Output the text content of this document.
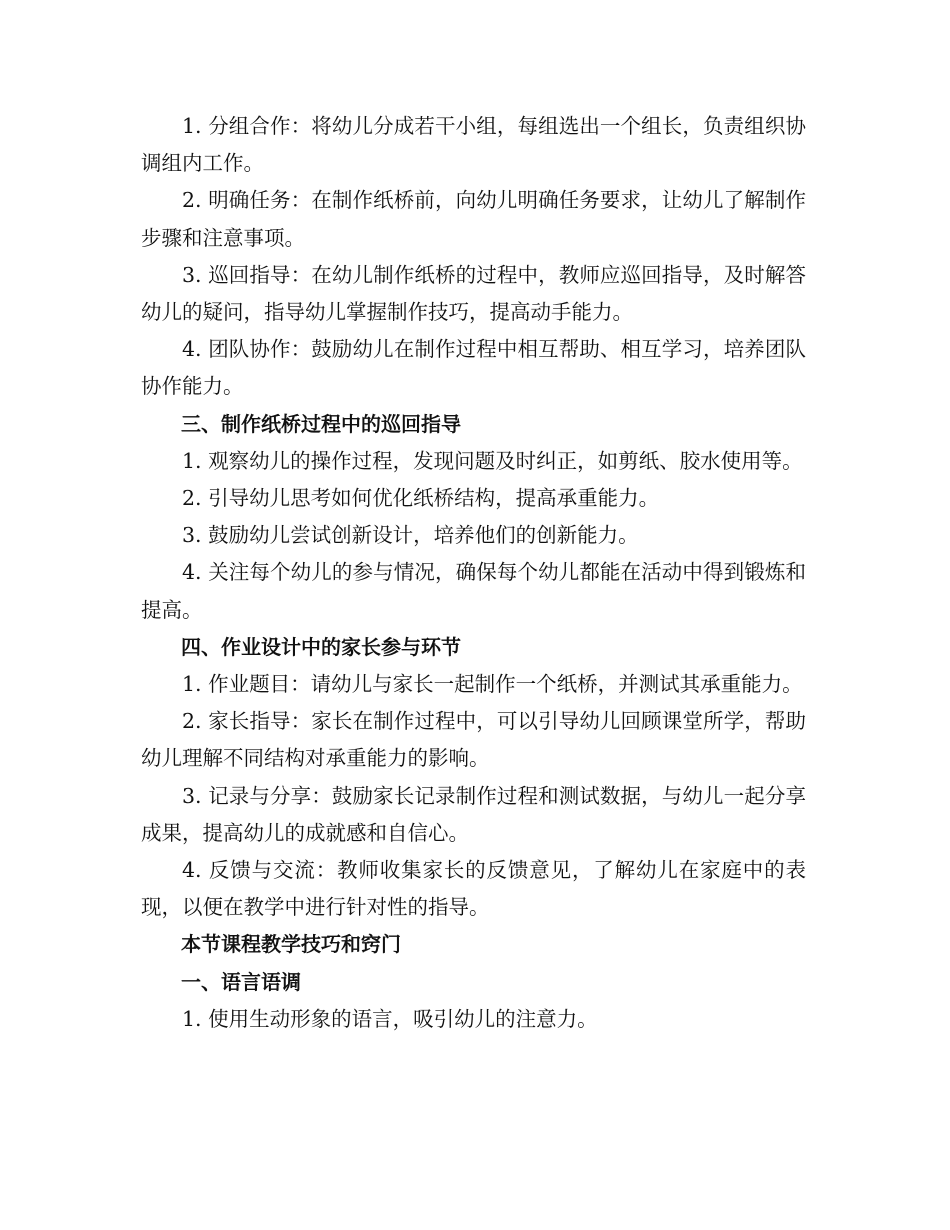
1. 分组合作：将幼儿分成若干小组，每组选出一个组长，负责组织协调组内工作。

2. 明确任务：在制作纸桥前，向幼儿明确任务要求，让幼儿了解制作步骤和注意事项。

3. 巡回指导：在幼儿制作纸桥的过程中，教师应巡回指导，及时解答幼儿的疑问，指导幼儿掌握制作技巧，提高动手能力。

4. 团队协作：鼓励幼儿在制作过程中相互帮助、相互学习，培养团队协作能力。

三、制作纸桥过程中的巡回指导

1. 观察幼儿的操作过程，发现问题及时纠正，如剪纸、胶水使用等。

2. 引导幼儿思考如何优化纸桥结构，提高承重能力。

3. 鼓励幼儿尝试创新设计，培养他们的创新能力。

4. 关注每个幼儿的参与情况，确保每个幼儿都能在活动中得到锻炼和提高。

四、作业设计中的家长参与环节

1. 作业题目：请幼儿与家长一起制作一个纸桥，并测试其承重能力。

2. 家长指导：家长在制作过程中，可以引导幼儿回顾课堂所学，帮助幼儿理解不同结构对承重能力的影响。

3. 记录与分享：鼓励家长记录制作过程和测试数据，与幼儿一起分享成果，提高幼儿的成就感和自信心。

4. 反馈与交流：教师收集家长的反馈意见，了解幼儿在家庭中的表现，以便在教学中进行针对性的指导。

本节课程教学技巧和窍门

一、语言语调

1. 使用生动形象的语言，吸引幼儿的注意力。
